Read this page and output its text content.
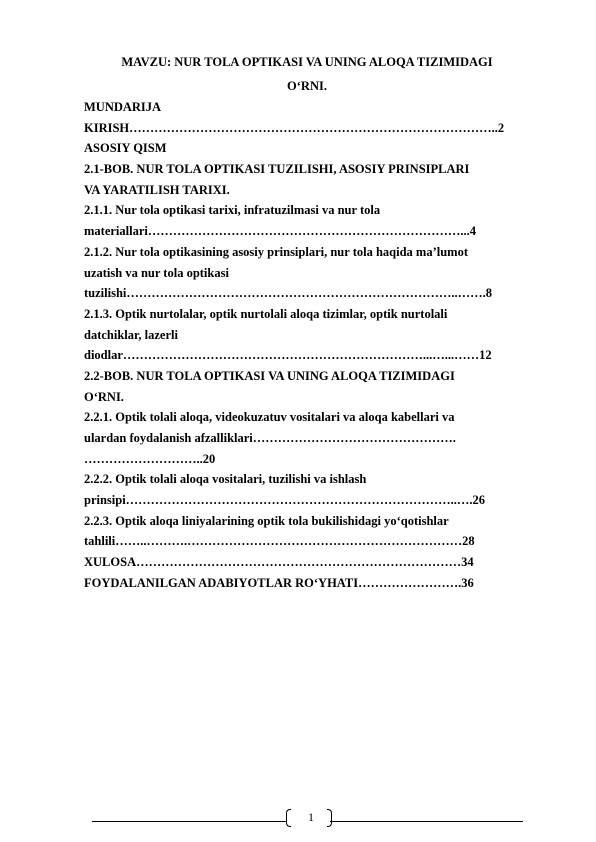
MAVZU: NUR TOLA OPTIKASI VA UNING ALOQA TIZIMIDAGI
O‘RNI.
MUNDARIJA
KIRISH……………………………………………………………………………..2
ASOSIY QISM
2.1-BOB. NUR TOLA OPTIKASI TUZILISHI, ASOSIY PRINSIPLARI
VA YARATILISH TARIXI.
2.1.1. Nur tola optikasi tarixi, infratuzilmasi va nur tola
materiallari…………………………………………………………………...4
2.1.2. Nur tola optikasining asosiy prinsiplari, nur tola haqida ma’lumot
uzatish va nur tola optikasi
tuzilishi……………………………………………………………………..…….8
2.1.3. Optik nurtolalar, optik nurtolali aloqa tizimlar, optik nurtolali
datchiklar, lazerli
diodlar………………………………………………………………...…...……12
2.2-BOB. NUR TOLA OPTIKASI VA UNING ALOQA TIZIMIDAGI
O‘RNI.
2.2.1. Optik tolali aloqa, videokuzatuv vositalari va aloqa kabellari va
ulardan foydalanish afzalliklari………………………………………….
………………………..20
2.2.2. Optik tolali aloqa vositalari, tuzilishi va ishlash
prinsipi……………………………………………………………………..….26
2.2.3. Optik aloqa liniyalarining optik tola bukilishidagi yo‘qotishlar
tahlili……..……….…………………………………………………………28
XULOSA……………………………………………………………………34
FOYDALANILGAN ADABIYOTLAR RO‘YHATI…………………….36
1
